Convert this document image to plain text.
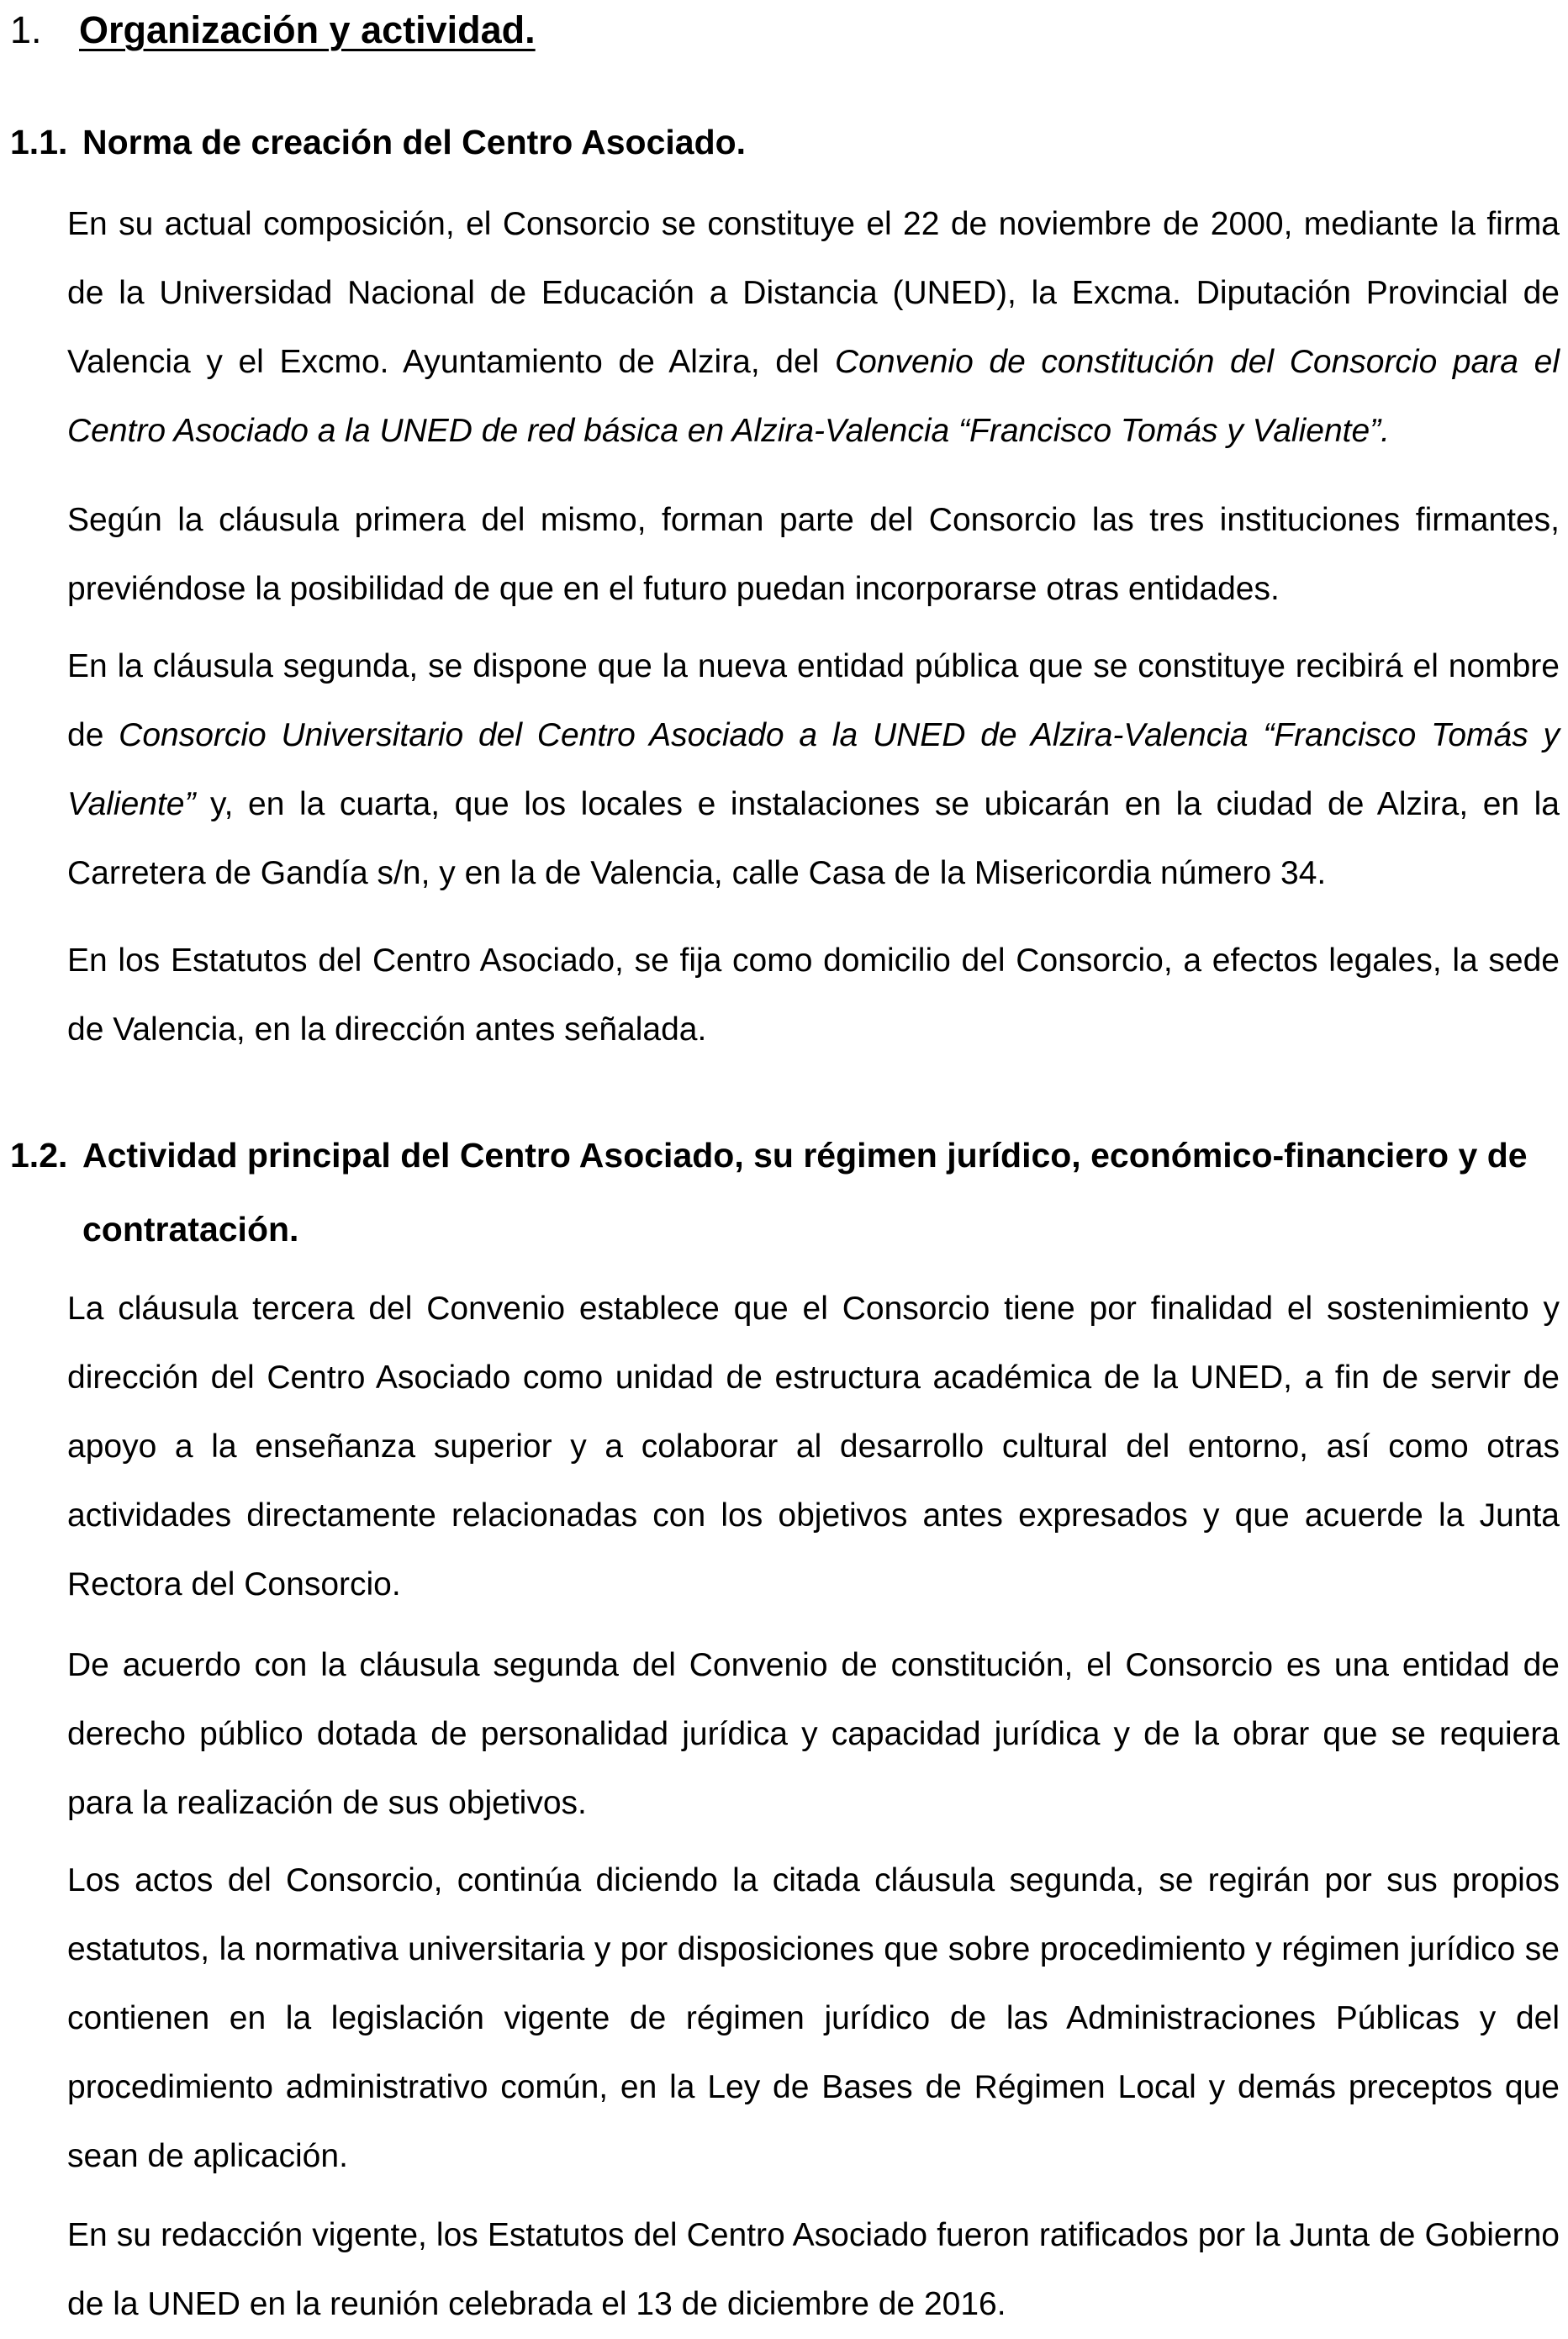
1. Organización y actividad.
1.1. Norma de creación del Centro Asociado.

En su actual composición, el Consorcio se constituye el 22 de noviembre de 2000, mediante la firma de la Universidad Nacional de Educación a Distancia (UNED), la Excma. Diputación Provincial de Valencia y el Excmo. Ayuntamiento de Alzira, del Convenio de constitución del Consorcio para el Centro Asociado a la UNED de red básica en Alzira-Valencia “Francisco Tomás y Valiente”.

Según la cláusula primera del mismo, forman parte del Consorcio las tres instituciones firmantes, previéndose la posibilidad de que en el futuro puedan incorporarse otras entidades.

En la cláusula segunda, se dispone que la nueva entidad pública que se constituye recibirá el nombre de Consorcio Universitario del Centro Asociado a la UNED de Alzira-Valencia “Francisco Tomás y Valiente” y, en la cuarta, que los locales e instalaciones se ubicarán en la ciudad de Alzira, en la Carretera de Gandía s/n, y en la de Valencia, calle Casa de la Misericordia número 34.

En los Estatutos del Centro Asociado, se fija como domicilio del Consorcio, a efectos legales, la sede de Valencia, en la dirección antes señalada.

1.2. Actividad principal del Centro Asociado, su régimen jurídico, económico-financiero y de
contratación.

La cláusula tercera del Convenio establece que el Consorcio tiene por finalidad el sostenimiento y dirección del Centro Asociado como unidad de estructura académica de la UNED, a fin de servir de apoyo a la enseñanza superior y a colaborar al desarrollo cultural del entorno, así como otras actividades directamente relacionadas con los objetivos antes expresados y que acuerde la Junta Rectora del Consorcio.

De acuerdo con la cláusula segunda del Convenio de constitución, el Consorcio es una entidad de derecho público dotada de personalidad jurídica y capacidad jurídica y de la obrar que se requiera para la realización de sus objetivos.

Los actos del Consorcio, continúa diciendo la citada cláusula segunda, se regirán por sus propios estatutos, la normativa universitaria y por disposiciones que sobre procedimiento y régimen jurídico se contienen en la legislación vigente de régimen jurídico de las Administraciones Públicas y del procedimiento administrativo común, en la Ley de Bases de Régimen Local y demás preceptos que sean de aplicación.

En su redacción vigente, los Estatutos del Centro Asociado fueron ratificados por la Junta de Gobierno de la UNED en la reunión celebrada el 13 de diciembre de 2016.
